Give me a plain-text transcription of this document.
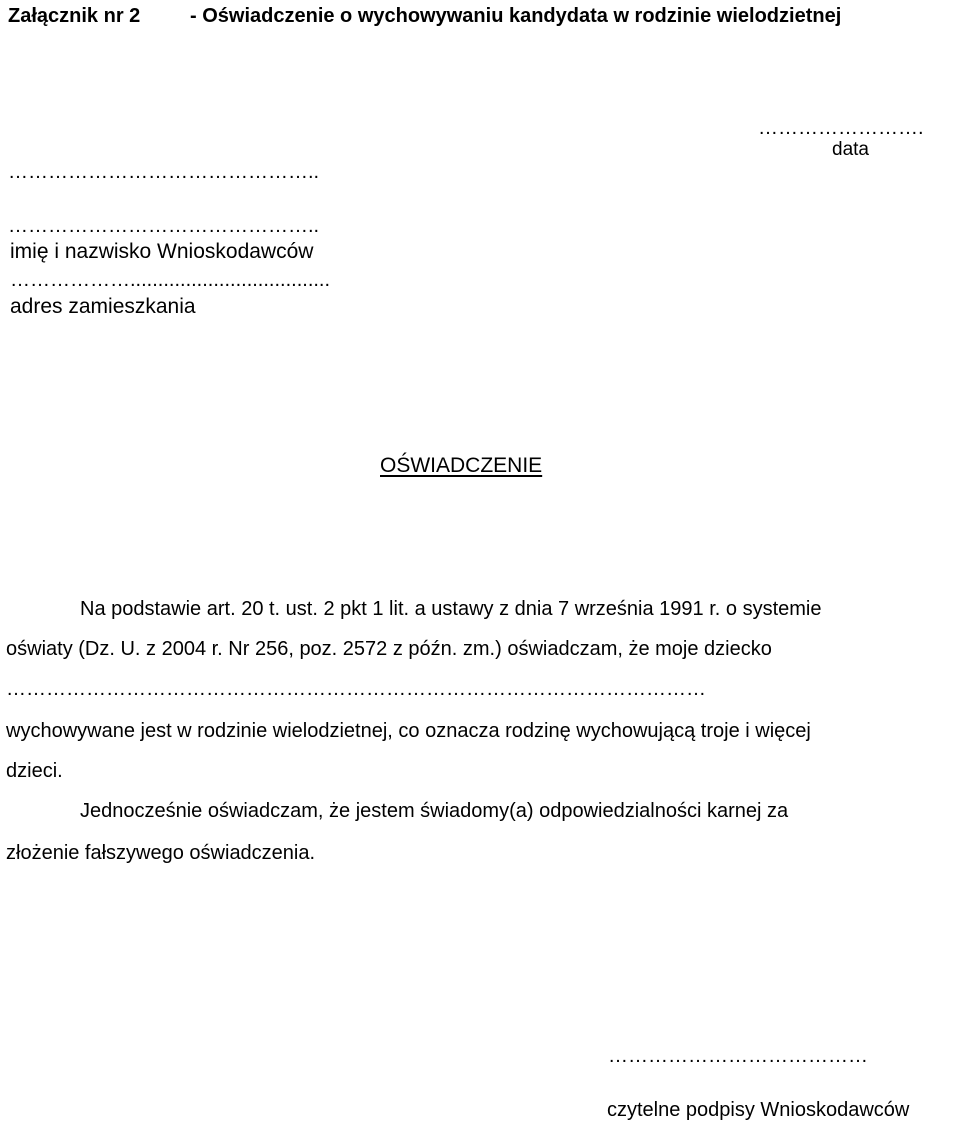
Załącznik nr 2 - Oświadczenie o wychowywaniu kandydata w rodzinie wielodzietnej
…………………….
data
………………………………………..
………………………………………..
imię i nazwisko Wnioskodawców
………………....................................
adres zamieszkania
OŚWIADCZENIE
Na podstawie art. 20 t. ust. 2 pkt 1 lit. a ustawy z dnia 7 września 1991 r. o systemie
oświaty (Dz. U. z 2004 r. Nr 256, poz. 2572 z późn. zm.) oświadczam, że moje dziecko
……………………………………………………………………………………………
wychowywane jest w rodzinie wielodzietnej, co oznacza rodzinę wychowującą troje i więcej
dzieci.
Jednocześnie oświadczam, że jestem świadomy(a) odpowiedzialności karnej za
złożenie fałszywego oświadczenia.
…………………………………
czytelne podpisy Wnioskodawców
